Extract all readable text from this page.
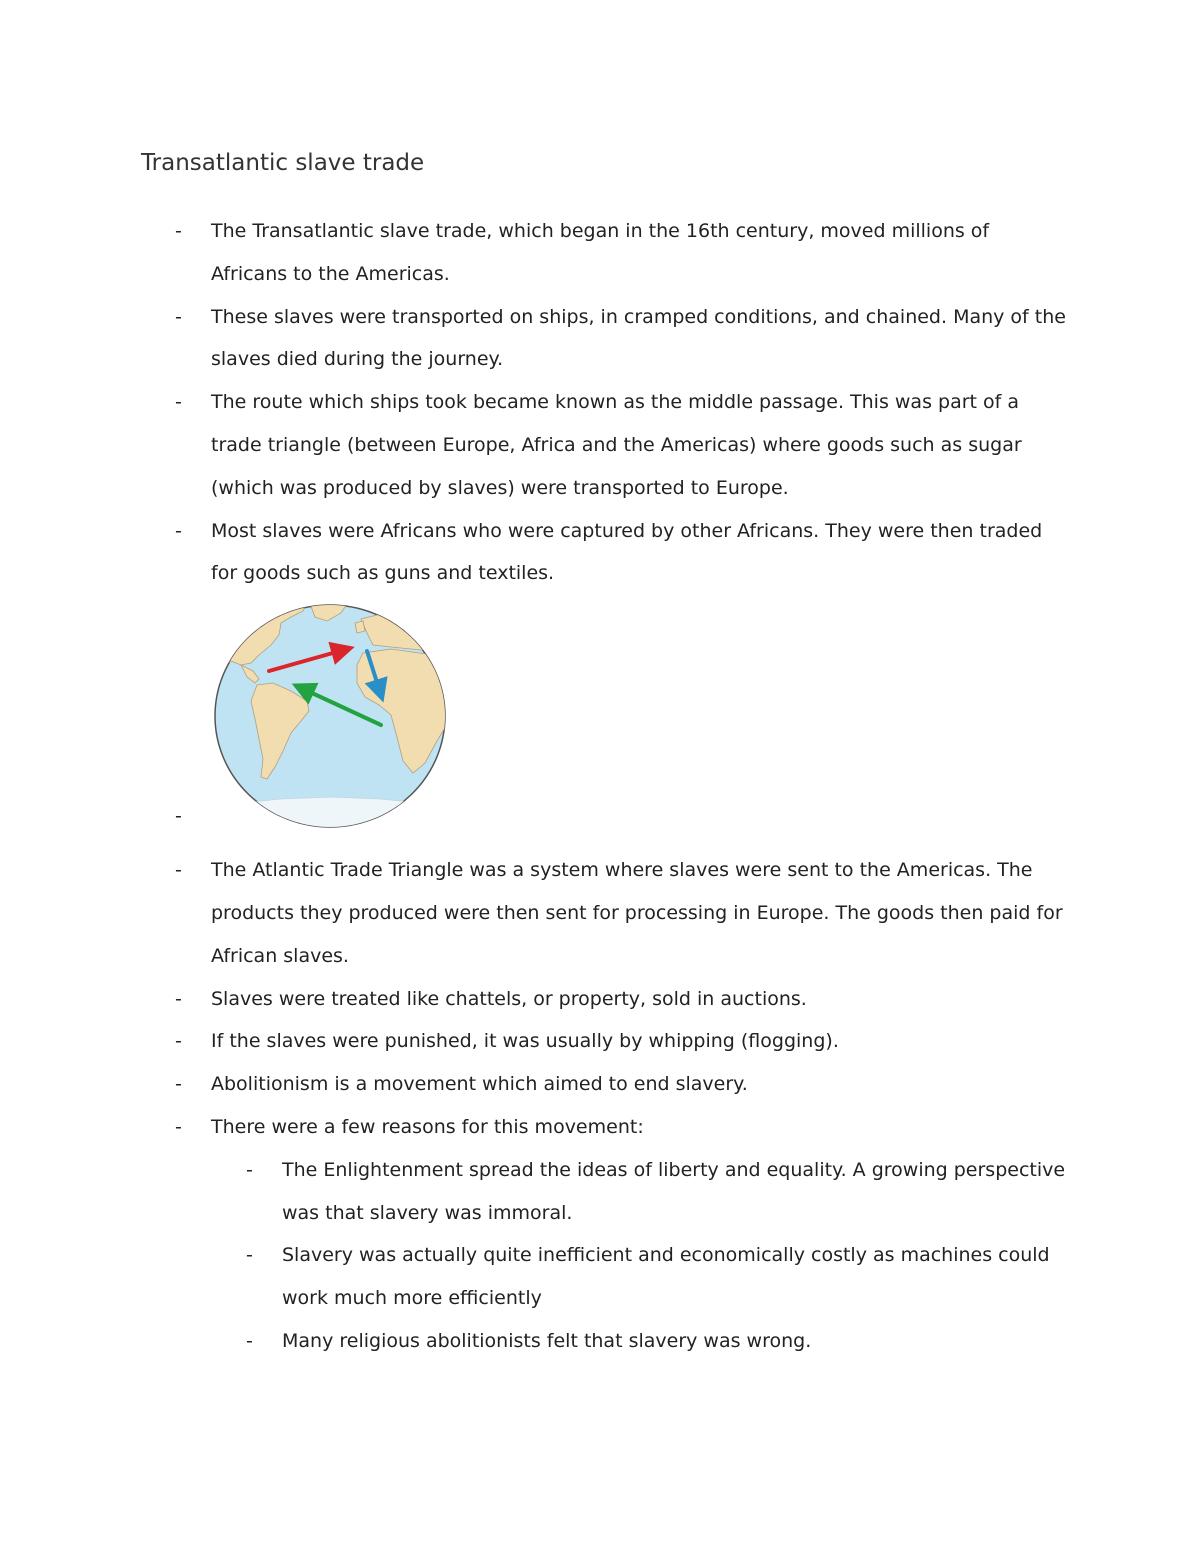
Transatlantic slave trade
- The Transatlantic slave trade, which began in the 16th century, moved millions of Africans to the Americas.
- These slaves were transported on ships, in cramped conditions, and chained. Many of the slaves died during the journey.
- The route which ships took became known as the middle passage. This was part of a trade triangle (between Europe, Africa and the Americas) where goods such as sugar (which was produced by slaves) were transported to Europe.
- Most slaves were Africans who were captured by other Africans. They were then traded for goods such as guns and textiles.
-
- The Atlantic Trade Triangle was a system where slaves were sent to the Americas. The products they produced were then sent for processing in Europe. The goods then paid for African slaves.
- Slaves were treated like chattels, or property, sold in auctions.
- If the slaves were punished, it was usually by whipping (flogging).
- Abolitionism is a movement which aimed to end slavery.
- There were a few reasons for this movement:
- The Enlightenment spread the ideas of liberty and equality. A growing perspective was that slavery was immoral.
- Slavery was actually quite inefficient and economically costly as machines could work much more efficiently
- Many religious abolitionists felt that slavery was wrong.
